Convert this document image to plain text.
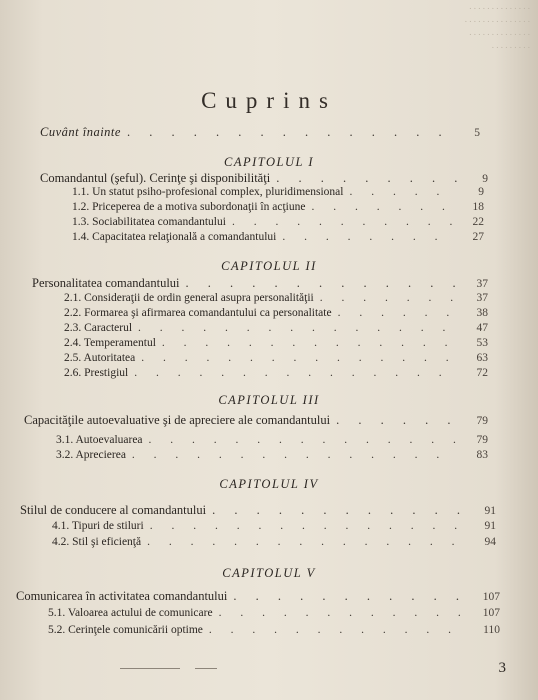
. . . . . . . . . . . . . .
. . . . . . . . . . . . . . .
. . . . . . . . . . . . . .
. . . . . . . . .
Cuprins
Cuvânt înainte . . .	5
CAPITOLUL I
Comandantul (şeful). Cerinţe şi disponibilităţi . . .	9
1.1. Un statut psiho-profesional complex, pluridimensional . . .	9
1.2. Priceperea de a motiva subordonaţii în acţiune . . .	18
1.3. Sociabilitatea comandantului . . .	22
1.4. Capacitatea relaţională a comandantului . . .	27
CAPITOLUL II
Personalitatea comandantului . . .	37
2.1. Consideraţii de ordin general asupra personalităţii . . .	37
2.2. Formarea şi afirmarea comandantului ca personalitate . . .	38
2.3. Caracterul . . .	47
2.4. Temperamentul . . .	53
2.5. Autoritatea . . .	63
2.6. Prestigiul . . .	72
CAPITOLUL III
Capacităţile autoevaluative şi de apreciere ale comandantului . . .	79
3.1. Autoevaluarea . . .	79
3.2. Aprecierea . . .	83
CAPITOLUL IV
Stilul de conducere al comandantului . . .	91
4.1. Tipuri de stiluri . . .	91
4.2. Stil şi eficienţă . . .	94
CAPITOLUL V
Comunicarea în activitatea comandantului . . .	107
5.1. Valoarea actului de comunicare . . .	107
5.2. Cerinţele comunicării optime . . .	110
3
